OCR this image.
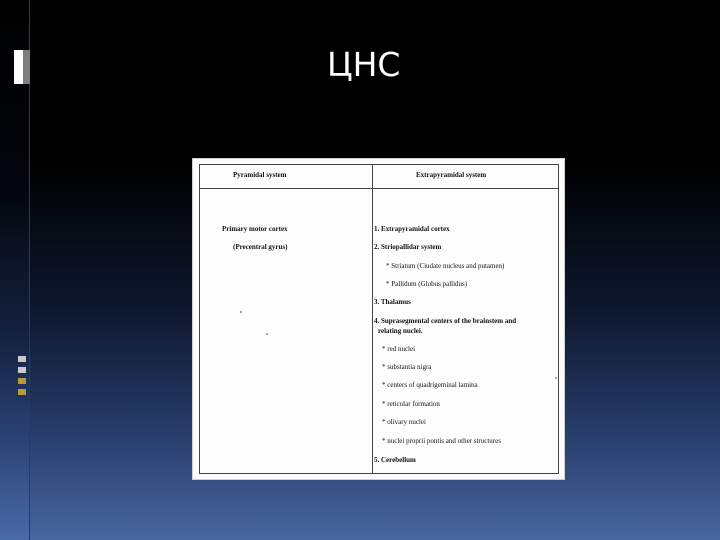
ЦНС
Pyramidal system	Extrapyramidal system
Primary motor cortex
(Precentral gyrus)
1. Extrapyramidal cortex
2. Striopallidar system
* Striatum (Ciudate nucleus and putamen)
* Pallidum (Globus pallidus)
3. Thalamus
4. Suprasegmental centers of the brainstem and
relating nuclei.
* red nuclei
* substantia nigra
* centers of quadrigeminal lamina
* reticular formation
* olivary nuclei
* nuclei proprii pontis and other structures
5. Cerebellum
